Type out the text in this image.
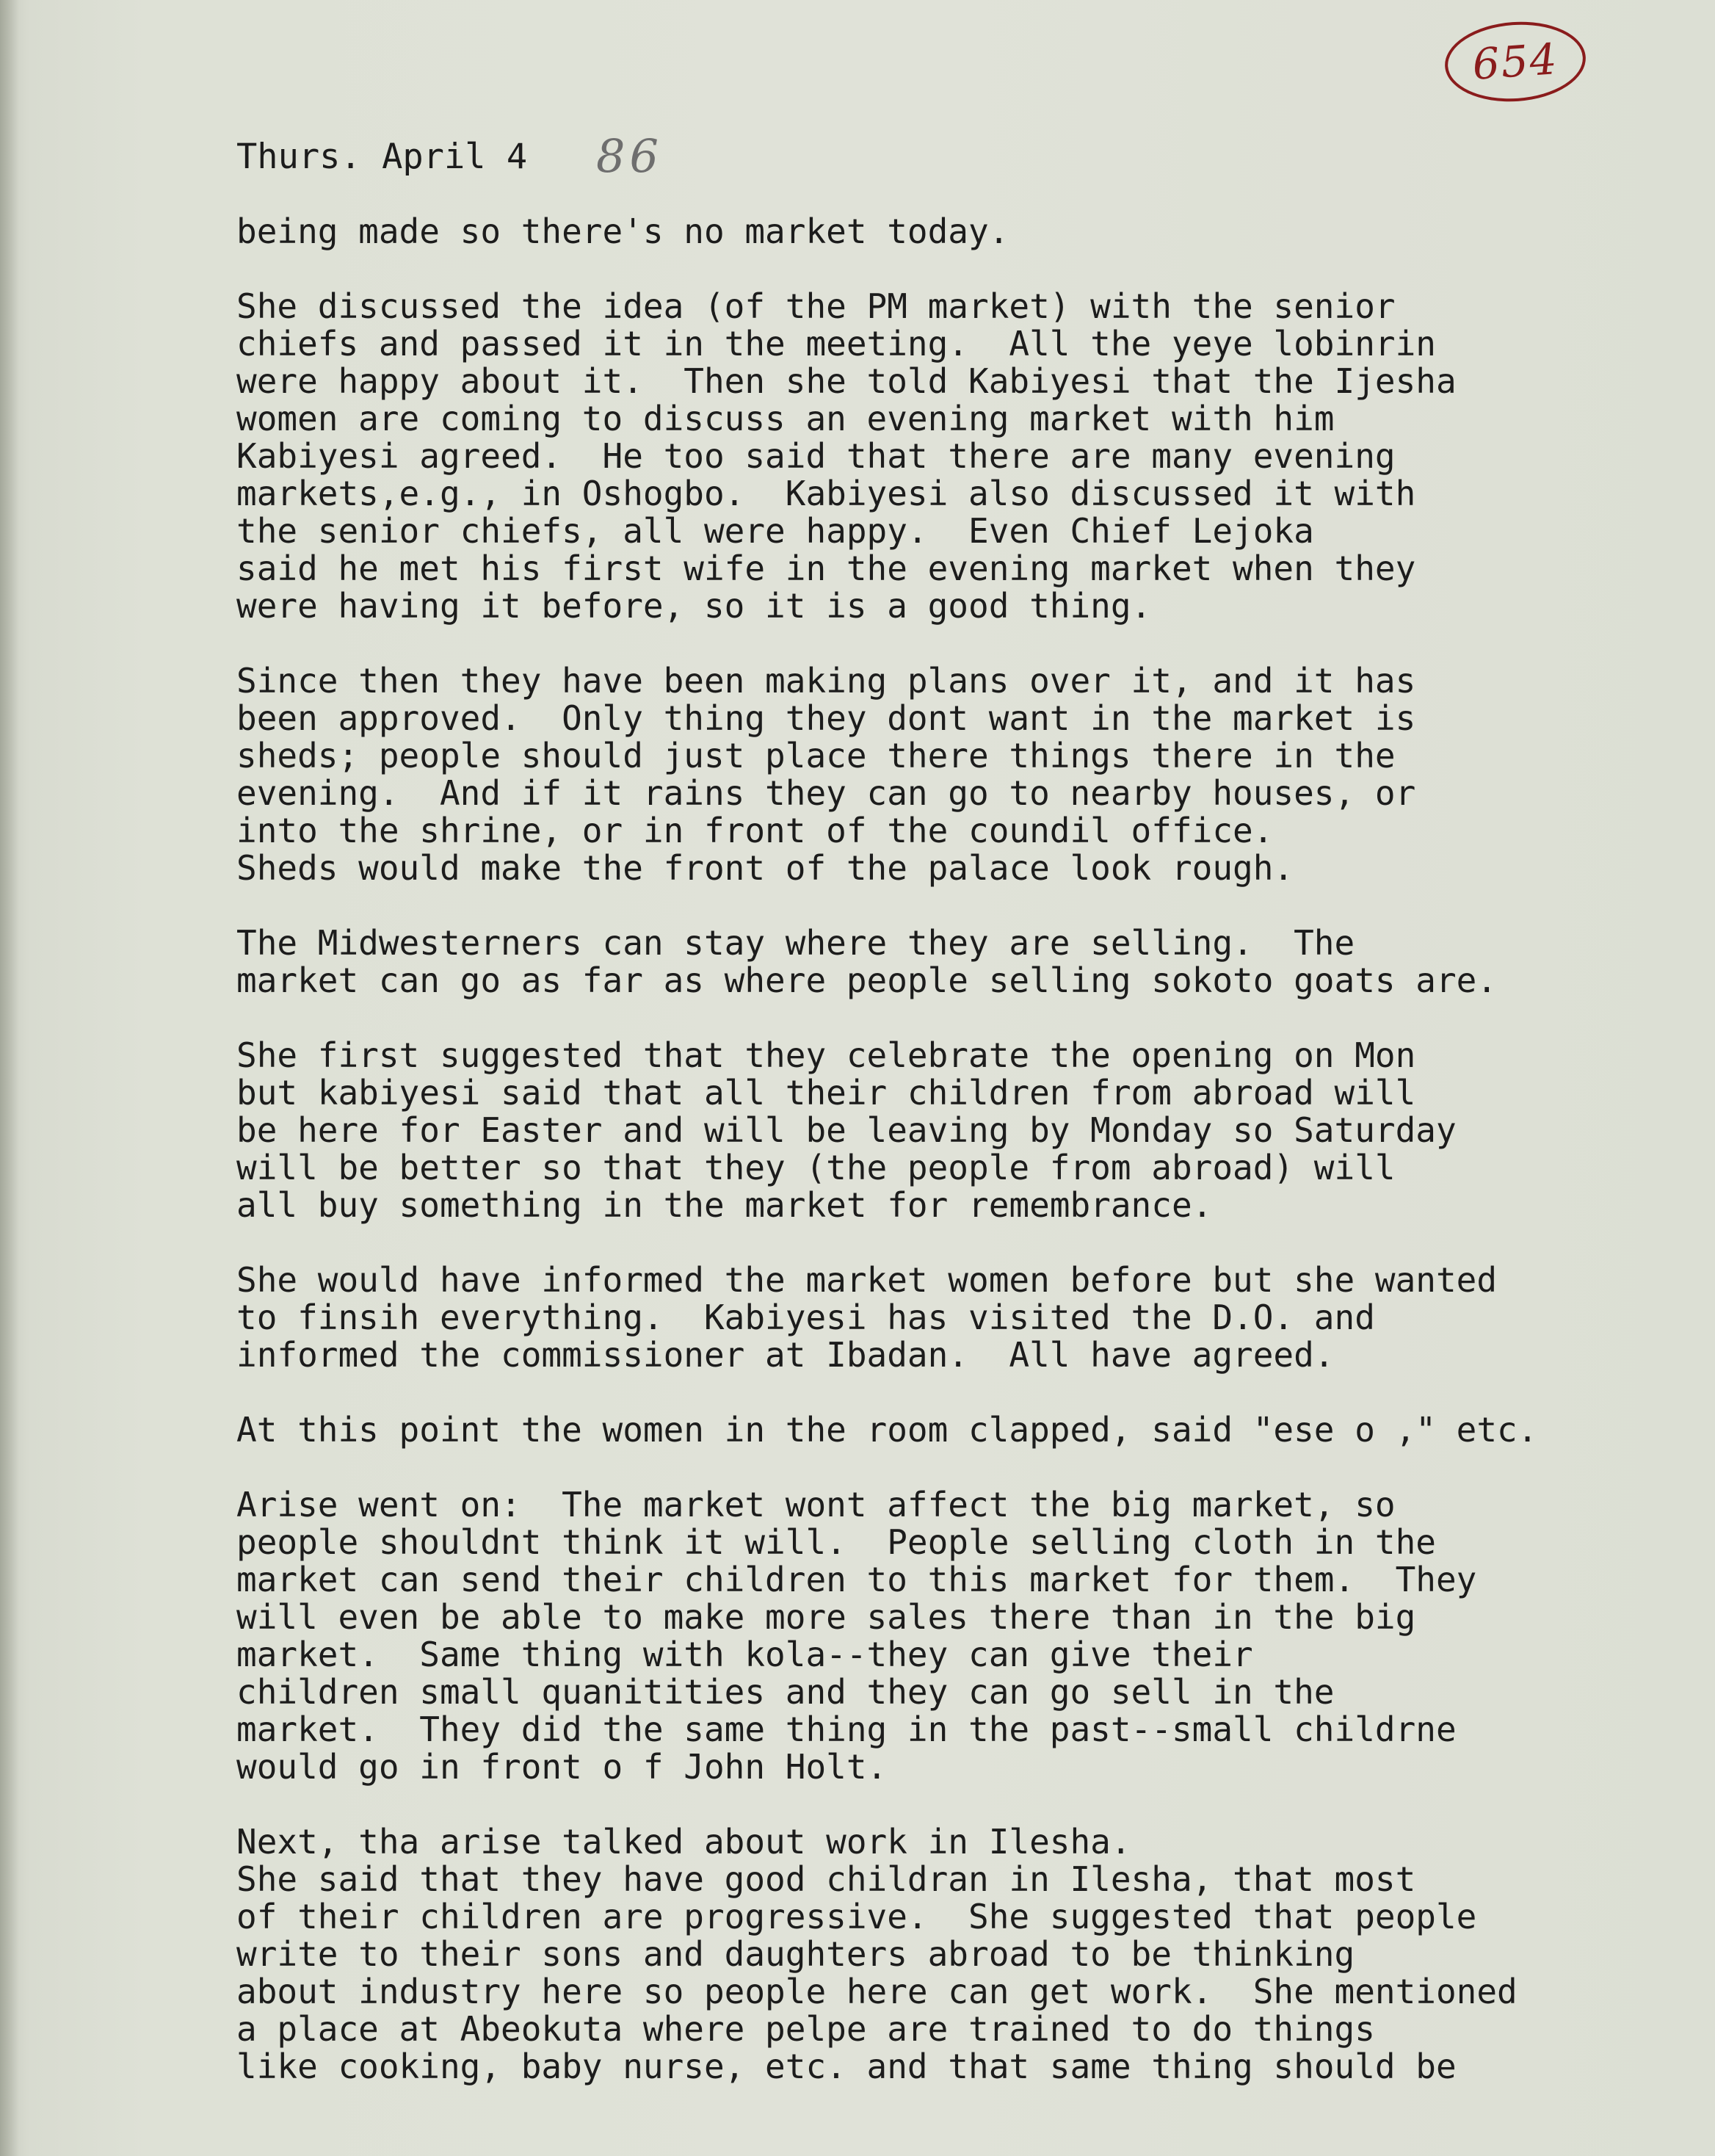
654
Thurs. April 4 86
being made so there's no market today.
She discussed the idea (of the PM market) with the senior
chiefs and passed it in the meeting.  All the yeye lobinrin
were happy about it.  Then she told Kabiyesi that the Ijesha
women are coming to discuss an evening market with him
Kabiyesi agreed.  He too said that there are many evening
markets,e.g., in Oshogbo.  Kabiyesi also discussed it with
the senior chiefs, all were happy.  Even Chief Lejoka
said he met his first wife in the evening market when they
were having it before, so it is a good thing.
Since then they have been making plans over it, and it has
been approved.  Only thing they dont want in the market is
sheds; people should just place there things there in the
evening.  And if it rains they can go to nearby houses, or
into the shrine, or in front of the coundil office.
Sheds would make the front of the palace look rough.
The Midwesterners can stay where they are selling.  The
market can go as far as where people selling sokoto goats are.
She first suggested that they celebrate the opening on Mon
but kabiyesi said that all their children from abroad will
be here for Easter and will be leaving by Monday so Saturday
will be better so that they (the people from abroad) will
all buy something in the market for remembrance.
She would have informed the market women before but she wanted
to finsih everything.  Kabiyesi has visited the D.O. and
informed the commissioner at Ibadan.  All have agreed.
At this point the women in the room clapped, said "ese o ," etc.
Arise went on:  The market wont affect the big market, so
people shouldnt think it will.  People selling cloth in the
market can send their children to this market for them.  They
will even be able to make more sales there than in the big
market.  Same thing with kola--they can give their
children small quanitities and they can go sell in the
market.  They did the same thing in the past--small childrne
would go in front o f John Holt.
Next, tha arise talked about work in Ilesha.
She said that they have good childran in Ilesha, that most
of their children are progressive.  She suggested that people
write to their sons and daughters abroad to be thinking
about industry here so people here can get work.  She mentioned
a place at Abeokuta where pelpe are trained to do things
like cooking, baby nurse, etc. and that same thing should be
